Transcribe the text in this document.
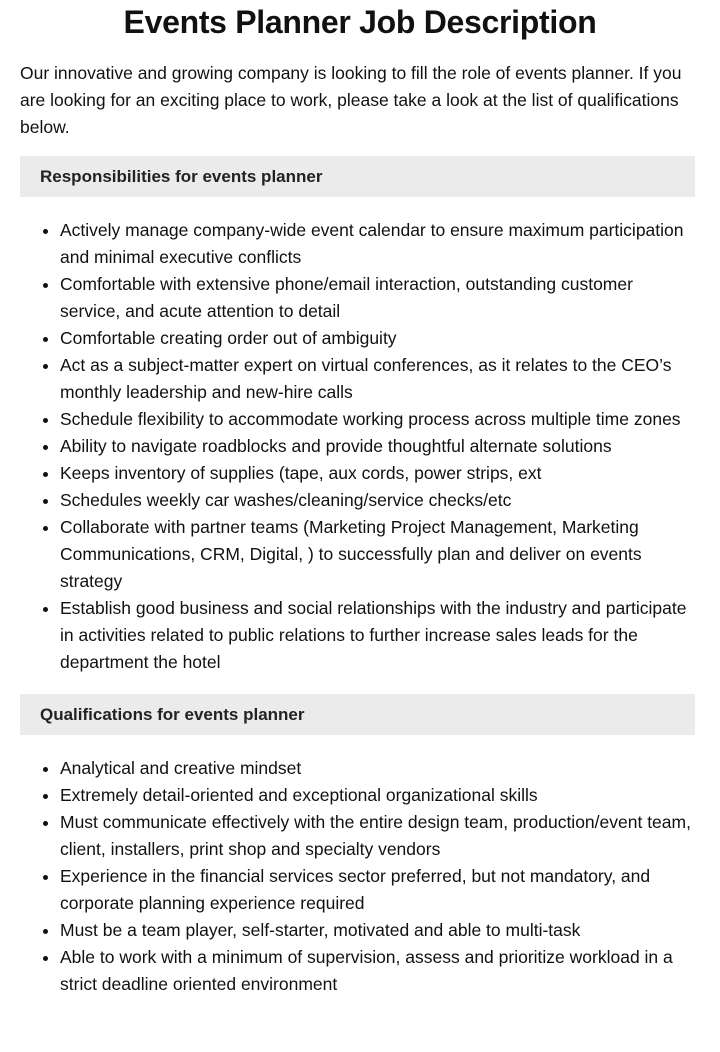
Events Planner Job Description

Our innovative and growing company is looking to fill the role of events planner. If you are looking for an exciting place to work, please take a look at the list of qualifications below.

Responsibilities for events planner
• Actively manage company-wide event calendar to ensure maximum participation and minimal executive conflicts
• Comfortable with extensive phone/email interaction, outstanding customer service, and acute attention to detail
• Comfortable creating order out of ambiguity
• Act as a subject-matter expert on virtual conferences, as it relates to the CEO’s monthly leadership and new-hire calls
• Schedule flexibility to accommodate working process across multiple time zones
• Ability to navigate roadblocks and provide thoughtful alternate solutions
• Keeps inventory of supplies (tape, aux cords, power strips, ext
• Schedules weekly car washes/cleaning/service checks/etc
• Collaborate with partner teams (Marketing Project Management, Marketing Communications, CRM, Digital, ) to successfully plan and deliver on events strategy
• Establish good business and social relationships with the industry and participate in activities related to public relations to further increase sales leads for the department the hotel
Qualifications for events planner
• Analytical and creative mindset
• Extremely detail-oriented and exceptional organizational skills
• Must communicate effectively with the entire design team, production/event team, client, installers, print shop and specialty vendors
• Experience in the financial services sector preferred, but not mandatory, and corporate planning experience required
• Must be a team player, self-starter, motivated and able to multi-task
• Able to work with a minimum of supervision, assess and prioritize workload in a strict deadline oriented environment
